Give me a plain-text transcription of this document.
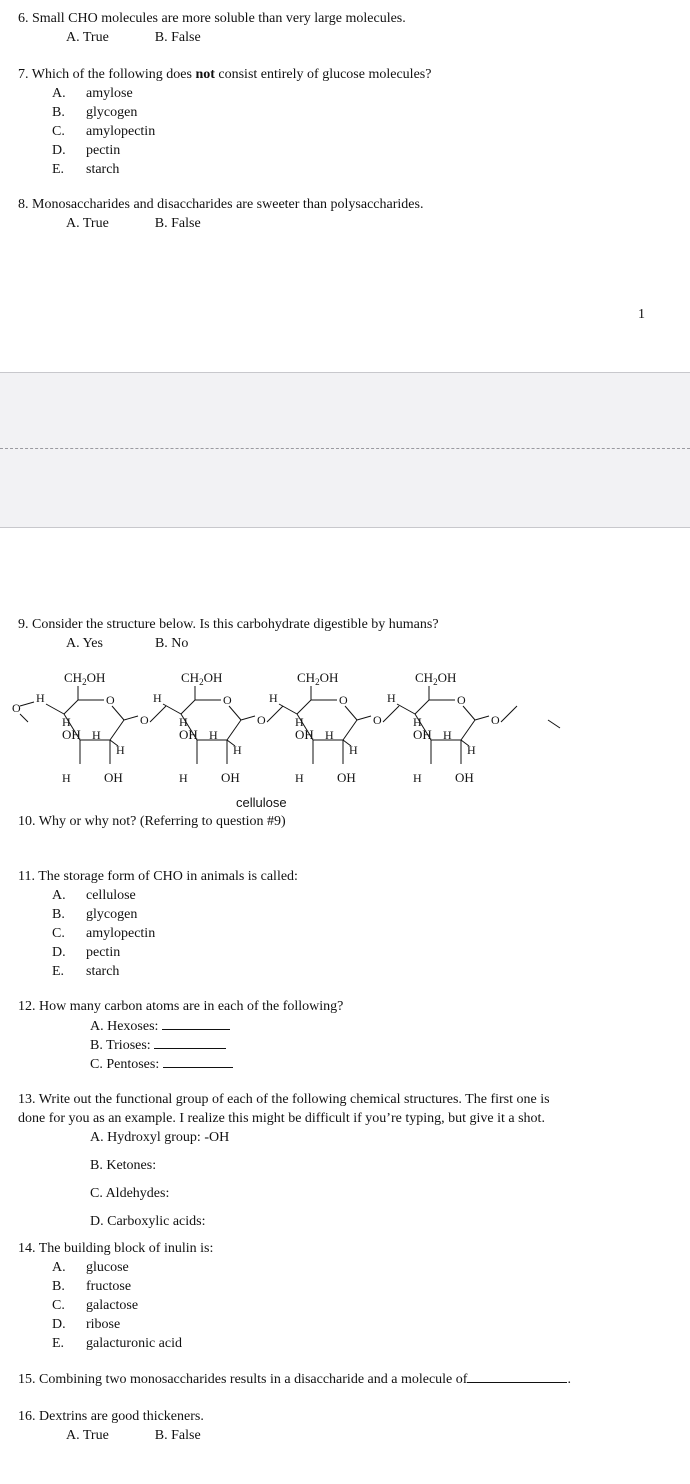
6. Small CHO molecules are more soluble than very large molecules.
A. True	B. False
7. Which of the following does not consist entirely of glucose molecules?
A. amylose
B. glycogen
C. amylopectin
D. pectin
E. starch
8. Monosaccharides and disaccharides are sweeter than polysaccharides.
A. True	B. False
1
9. Consider the structure below. Is this carbohydrate digestible by humans?
A. Yes	B. No
$CH_2OH$
O
H
H
OH H
H
H	OH
O
$CH_2OH$
O
H
H
OH H
H
H	OH
O
$CH_2OH$
O
H
H
OH H
H
H	OH
O
$CH_2OH$
O
H
H
OH H
H
H	OH
O
O
cellulose
10. Why or why not? (Referring to question #9)
11. The storage form of CHO in animals is called:
A. cellulose
B. glycogen
C. amylopectin
D. pectin
E. starch
12. How many carbon atoms are in each of the following?
A. Hexoses:
B. Trioses:
C. Pentoses:
13. Write out the functional group of each of the following chemical structures. The first one is
done for you as an example. I realize this might be difficult if you’re typing, but give it a shot.
A. Hydroxyl group: -OH
B. Ketones:
C. Aldehydes:
D. Carboxylic acids:
14. The building block of inulin is:
A. glucose
B. fructose
C. galactose
D. ribose
E. galacturonic acid
15. Combining two monosaccharides results in a disaccharide and a molecule of	.
16. Dextrins are good thickeners.
A. True	B. False
